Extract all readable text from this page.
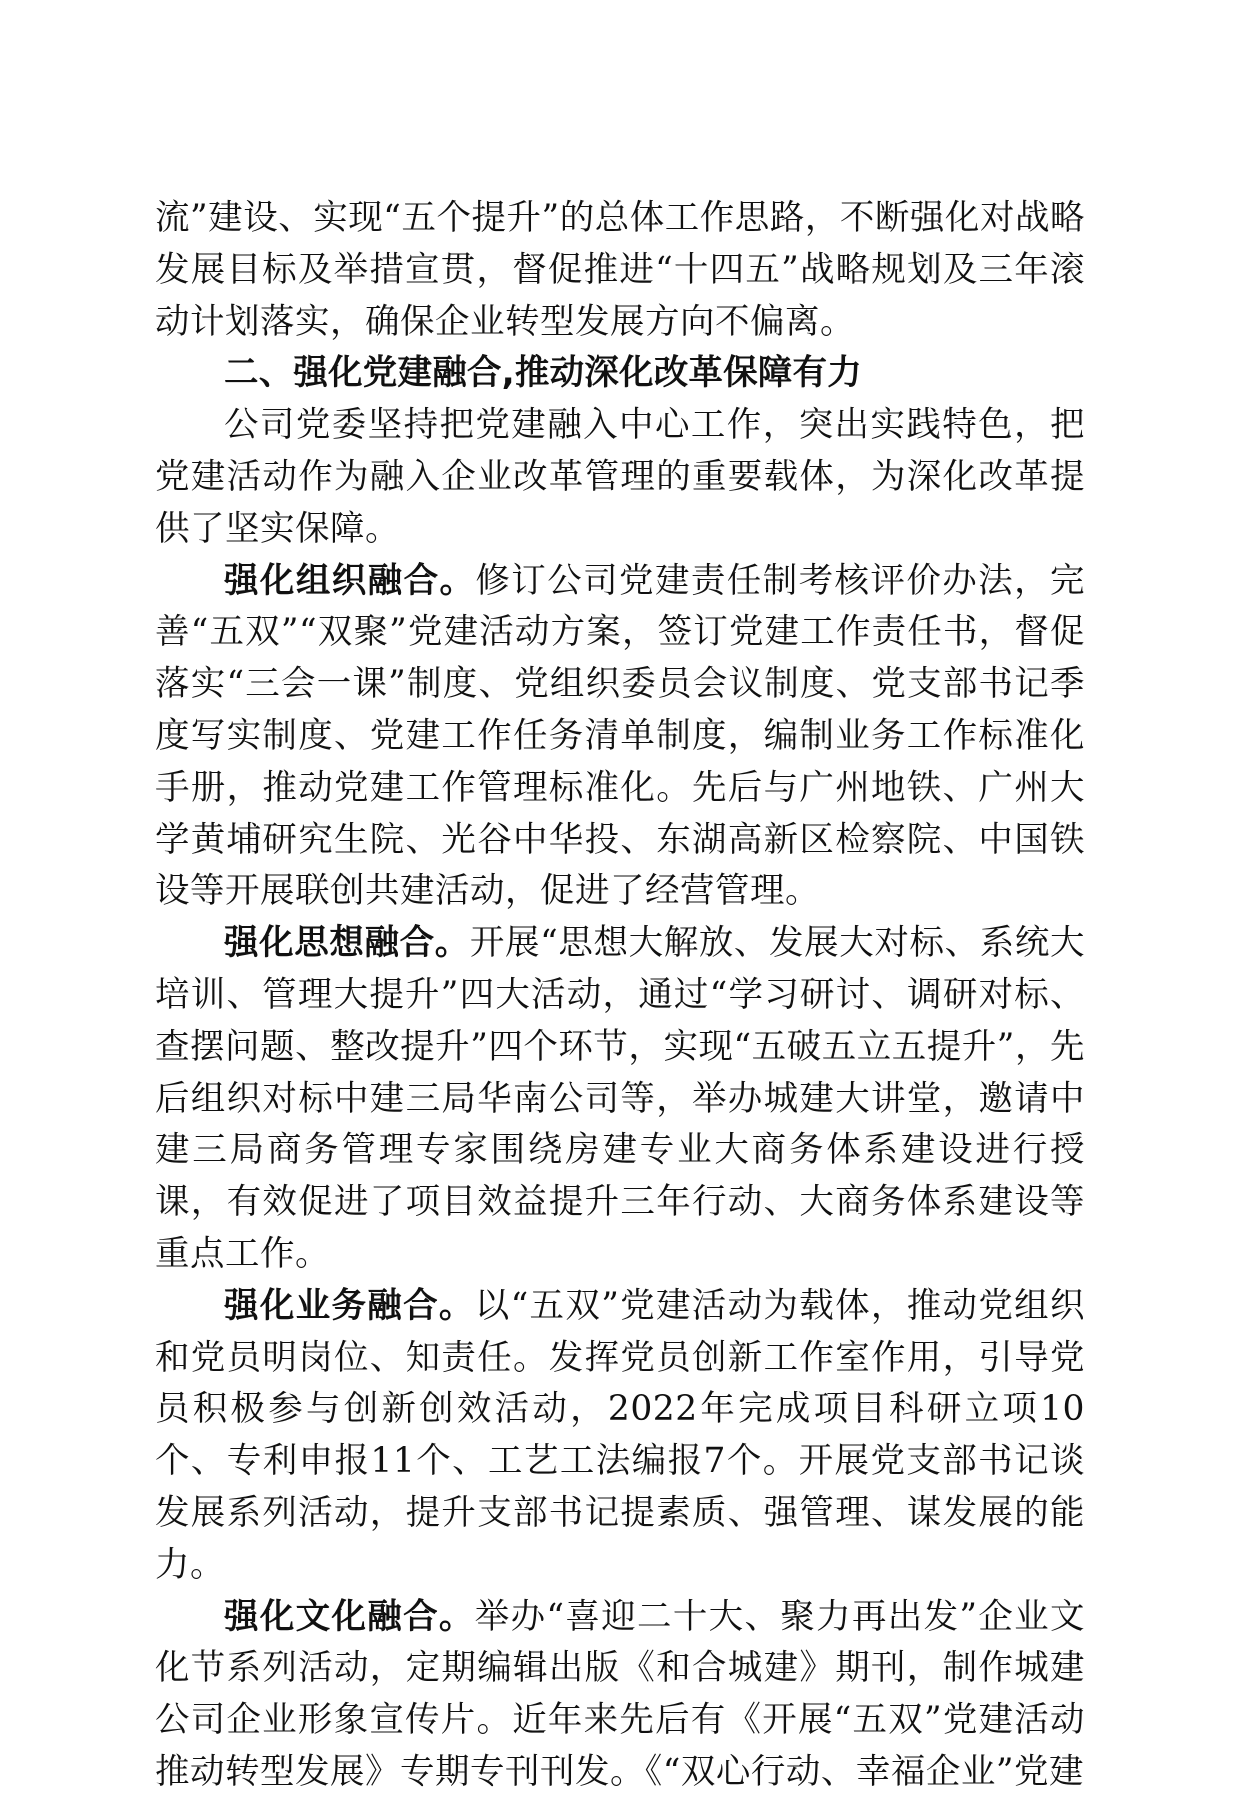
流”建设、实现“五个提升”的总体工作思路，不断强化对战略发展目标及举措宣贯，督促推进“十四五”战略规划及三年滚动计划落实，确保企业转型发展方向不偏离。

二、强化党建融合,推动深化改革保障有力

公司党委坚持把党建融入中心工作，突出实践特色，把党建活动作为融入企业改革管理的重要载体，为深化改革提供了坚实保障。

强化组织融合。修订公司党建责任制考核评价办法，完善“五双”“双聚”党建活动方案，签订党建工作责任书，督促落实“三会一课”制度、党组织委员会议制度、党支部书记季度写实制度、党建工作任务清单制度，编制业务工作标准化手册，推动党建工作管理标准化。先后与广州地铁、广州大学黄埔研究生院、光谷中华投、东湖高新区检察院、中国铁设等开展联创共建活动，促进了经营管理。

强化思想融合。开展“思想大解放、发展大对标、系统大培训、管理大提升”四大活动，通过“学习研讨、调研对标、查摆问题、整改提升”四个环节，实现“五破五立五提升”，先后组织对标中建三局华南公司等，举办城建大讲堂，邀请中建三局商务管理专家围绕房建专业大商务体系建设进行授课，有效促进了项目效益提升三年行动、大商务体系建设等重点工作。

强化业务融合。以“五双”党建活动为载体，推动党组织和党员明岗位、知责任。发挥党员创新工作室作用，引导党员积极参与创新创效活动，2022年完成项目科研立项10个、专利申报11个、工艺工法编报7个。开展党支部书记谈发展系列活动，提升支部书记提素质、强管理、谋发展的能力。

强化文化融合。举办“喜迎二十大、聚力再出发”企业文化节系列活动，定期编辑出版《和合城建》期刊，制作城建公司企业形象宣传片。近年来先后有《开展“五双”党建活动推动转型发展》专期专刊刊发。《“双心行动、幸福企业”党建
